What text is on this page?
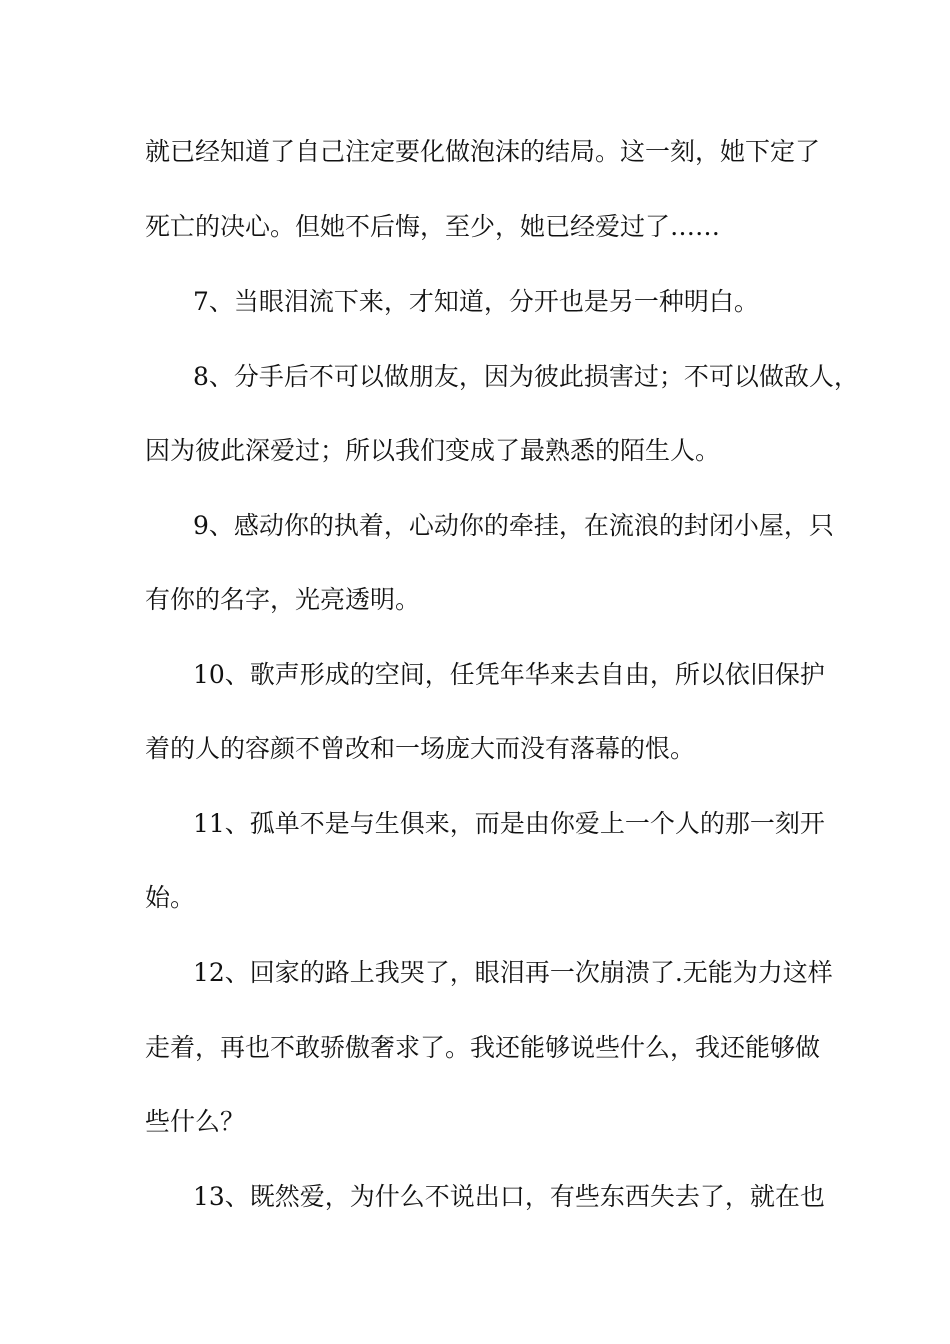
就已经知道了自己注定要化做泡沫的结局。这一刻，她下定了
死亡的决心。但她不后悔，至少，她已经爱过了……
7、当眼泪流下来，才知道，分开也是另一种明白。
8、分手后不可以做朋友，因为彼此损害过；不可以做敌人，
因为彼此深爱过；所以我们变成了最熟悉的陌生人。
9、感动你的执着，心动你的牵挂，在流浪的封闭小屋，只
有你的名字，光亮透明。
10、歌声形成的空间，任凭年华来去自由，所以依旧保护
着的人的容颜不曾改和一场庞大而没有落幕的恨。
11、孤单不是与生俱来，而是由你爱上一个人的那一刻开
始。
12、回家的路上我哭了，眼泪再一次崩溃了.无能为力这样
走着，再也不敢骄傲奢求了。我还能够说些什么，我还能够做
些什么？
13、既然爱，为什么不说出口，有些东西失去了，就在也
